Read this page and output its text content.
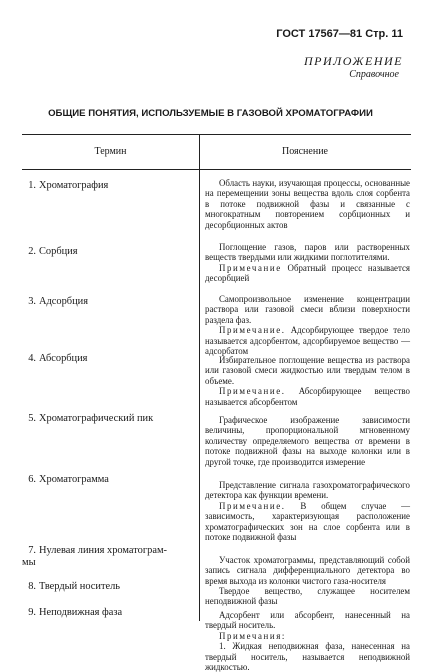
ГОСТ 17567—81 Стр. 11
ПРИЛОЖЕНИЕ
Справочное
ОБЩИЕ ПОНЯТИЯ, ИСПОЛЬЗУЕМЫЕ В ГАЗОВОЙ ХРОМАТОГРАФИИ
Термин	Пояснение
1. Хроматография
2. Сорбция
3. Адсорбция
4. Абсорбция
5. Хроматографический пик
6. Хроматограмма
7. Нулевая линия хроматограм-
мы
8. Твердый носитель
9. Неподвижная фаза
Область науки, изучающая процессы, основанные на перемещении зоны вещества вдоль слоя сорбента в потоке подвижной фазы и связанные с многократным повторением сорбционных и десорбционных актов
Поглощение газов, паров или растворенных веществ твердыми или жидкими поглотителями.
Примечание Обратный процесс называется десорбцией
Самопроизвольное изменение концентрации раствора или газовой смеси вблизи поверхности раздела фаз.
Примечание. Адсорбирующее твердое тело называется адсорбентом, адсорбируемое вещество — адсорбатом
Избирательное поглощение вещества из раствора или газовой смеси жидкостью или твердым телом в объеме.
Примечание. Абсорбирующее вещество называется абсорбентом
Графическое изображение зависимости величины, пропорциональной мгновенному количеству определяемого вещества от времени в потоке подвижной фазы на выходе колонки или в другой точке, где производится измерение
Представление сигнала газохроматографического детектора как функции времени.
Примечание. В общем случае — зависимость, характеризующая расположение хроматографических зон на слое сорбента или в потоке подвижной фазы
Участок хроматограммы, представляющий собой запись сигнала дифференциального детектора во время выхода из колонки чистого газа-носителя
Твердое вещество, служащее носителем неподвижной фазы
Адсорбент или абсорбент, нанесенный на твердый носитель.
Примечания:
1. Жидкая неподвижная фаза, нанесенная на твердый носитель, называется неподвижной жидкостью.
